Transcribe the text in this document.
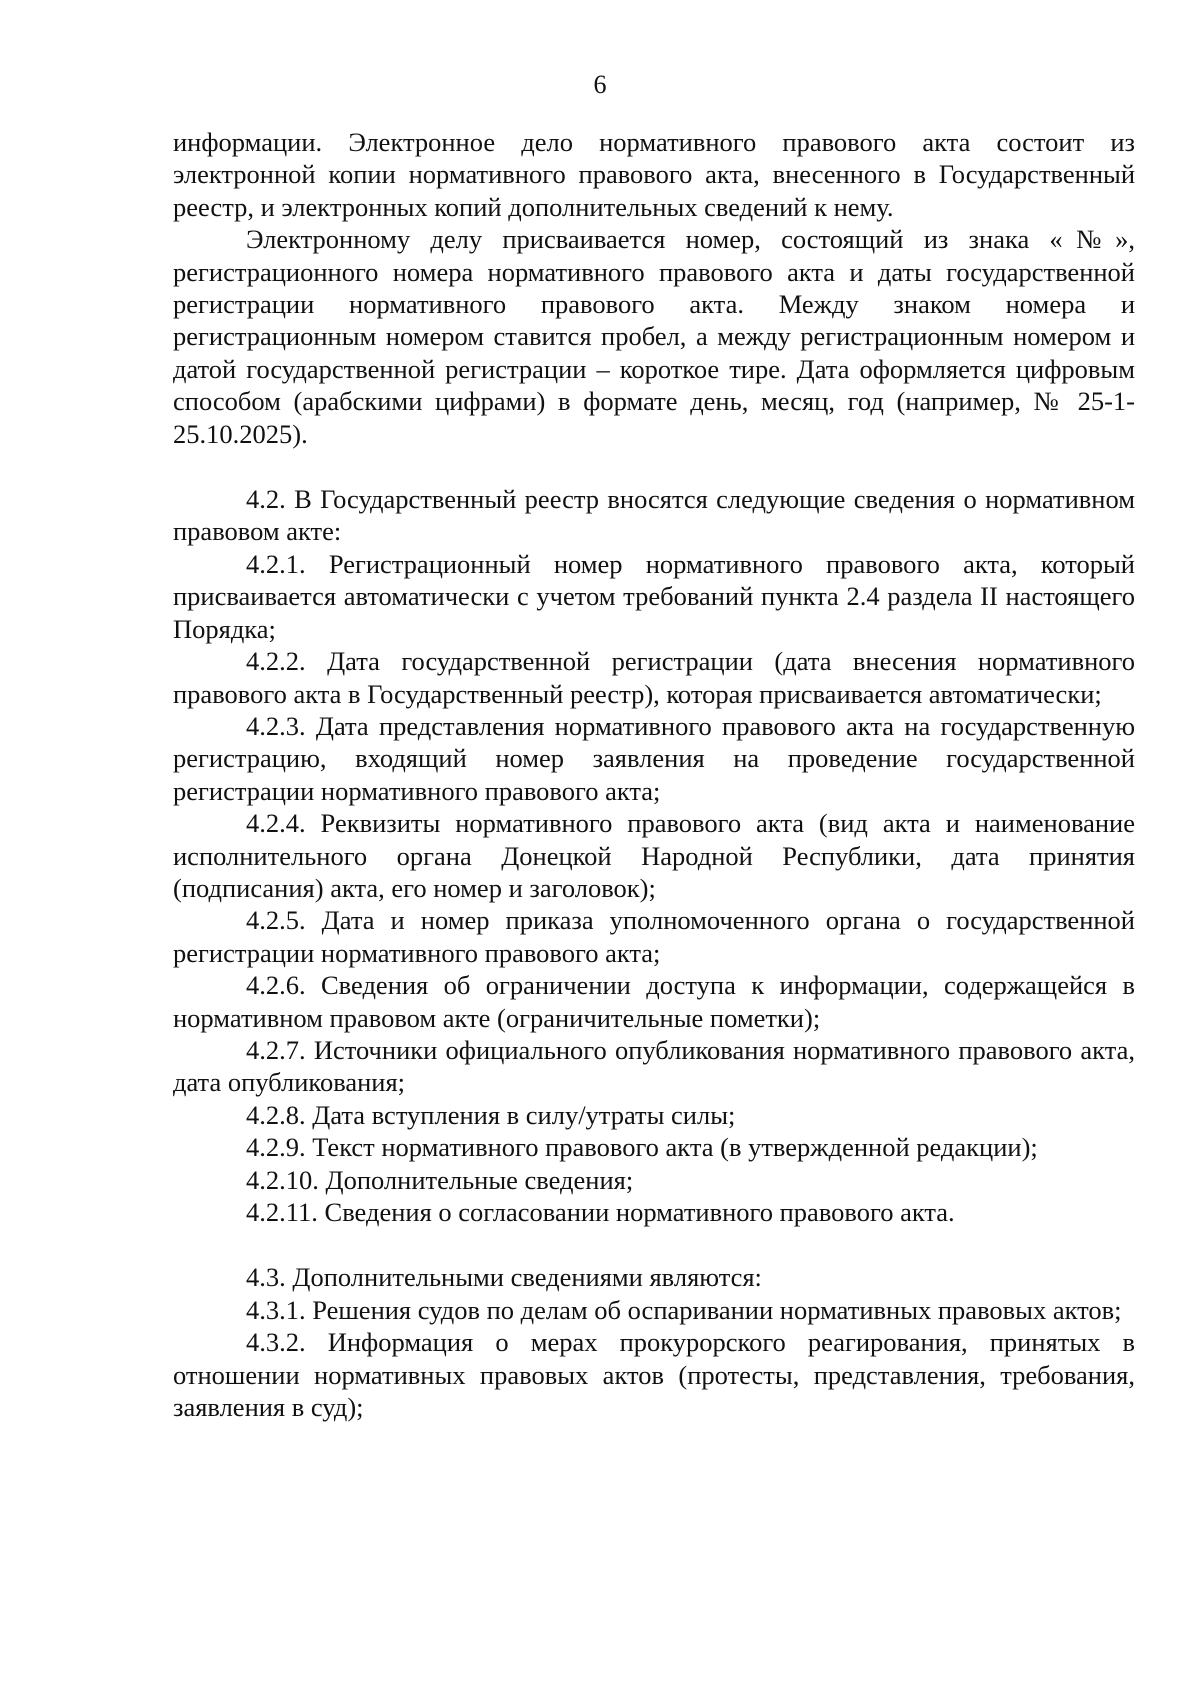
6

информации. Электронное дело нормативного правового акта состоит из электронной копии нормативного правового акта, внесенного в Государственный реестр, и электронных копий дополнительных сведений к нему.

Электронному делу присваивается номер, состоящий из знака «№», регистрационного номера нормативного правового акта и даты государственной регистрации нормативного правового акта. Между знаком номера и регистрационным номером ставится пробел, а между регистрационным номером и датой государственной регистрации – короткое тире. Дата оформляется цифровым способом (арабскими цифрами) в формате день, месяц, год (например, № 25-1-25.10.2025).

4.2. В Государственный реестр вносятся следующие сведения о нормативном правовом акте:

4.2.1. Регистрационный номер нормативного правового акта, который присваивается автоматически с учетом требований пункта 2.4 раздела II настоящего Порядка;

4.2.2. Дата государственной регистрации (дата внесения нормативного правового акта в Государственный реестр), которая присваивается автоматически;

4.2.3. Дата представления нормативного правового акта на государственную регистрацию, входящий номер заявления на проведение государственной регистрации нормативного правового акта;

4.2.4. Реквизиты нормативного правового акта (вид акта и наименование исполнительного органа Донецкой Народной Республики, дата принятия (подписания) акта, его номер и заголовок);

4.2.5. Дата и номер приказа уполномоченного органа о государственной регистрации нормативного правового акта;

4.2.6. Сведения об ограничении доступа к информации, содержащейся в нормативном правовом акте (ограничительные пометки);

4.2.7. Источники официального опубликования нормативного правового акта, дата опубликования;

4.2.8. Дата вступления в силу/утраты силы;

4.2.9. Текст нормативного правового акта (в утвержденной редакции);

4.2.10. Дополнительные сведения;

4.2.11. Сведения о согласовании нормативного правового акта.

4.3. Дополнительными сведениями являются:

4.3.1. Решения судов по делам об оспаривании нормативных правовых актов;

4.3.2. Информация о мерах прокурорского реагирования, принятых в отношении нормативных правовых актов (протесты, представления, требования, заявления в суд);
